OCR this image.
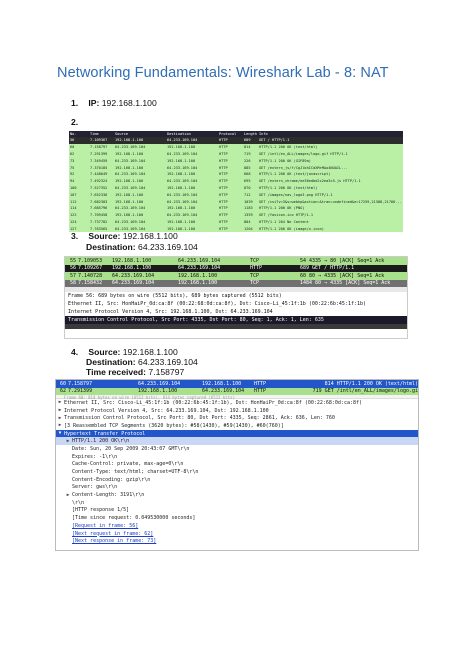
Networking Fundamentals: Wireshark Lab - 8: NAT
1. IP: 192.168.1.100
2.
No.	Time	Source	Destination	Protocol	Length Info
56	7.109367	192.168.1.100	64.233.169.104	HTTP	689	GET / HTTP/1.1
60	7.158797	64.233.169.104	192.168.1.100	HTTP	814	HTTP/1.1 200 OK (text/html)
62	7.291399	192.168.1.100	64.233.169.104	HTTP	719	GET /intl/en_ALL/images/logo.gif HTTP/1.1
73	7.349459	64.233.169.104	192.168.1.100	HTTP	226	HTTP/1.1 200 OK (GIF89a)
75	7.370185	192.168.1.100	64.233.169.104	HTTP	885	GET /extern_js/f/CgJlbhICdXMrMAo4NUAIL...
92	7.448649	64.233.169.104	192.168.1.100	HTTP	668	HTTP/1.1 200 OK (text/javascript)
94	7.492324	192.168.1.100	64.233.169.104	HTTP	695	GET /extern_chrome/ee36edbd2c2ea3c5.js HTTP/1.1
100	7.527352	64.233.169.104	192.168.1.100	HTTP	870	HTTP/1.1 200 OK (text/html)
107	7.652336	192.168.1.100	64.233.169.104	HTTP	712	GET /images/nav_logo3.png HTTP/1.1
112	7.682303	192.168.1.100	64.233.169.104	HTTP	1039	GET /csi?v=3&s=webhp&action=&tran=undefined&e=17259,21588,21766...
114	7.685796	64.233.169.104	192.168.1.100	HTTP	1183	HTTP/1.1 200 OK (PNG)
122	7.709458	192.168.1.100	64.233.169.104	HTTP	1359	GET /favicon.ico HTTP/1.1
124	7.737782	64.233.169.104	192.168.1.100	HTTP	804	HTTP/1.1 204 No Content
127	7.763565	64.233.169.104	192.168.1.100	HTTP	1204	HTTP/1.1 200 OK (image/x-icon)
3. Source: 192.168.1.100
Destination: 64.233.169.104
55 7.109053	192.168.1.100	64.233.169.104	TCP	54 4335 → 80 [ACK] Seq=1 Ack
56 7.109267	192.168.1.100	64.233.169.104	HTTP	689 GET / HTTP/1.1
57 7.140728	64.233.169.104	192.168.1.100	TCP	60 80 → 4335 [ACK] Seq=1 Ack
58 7.158432	64.233.169.104	192.168.1.100	TCP	1484 80 → 4335 [ACK] Seq=1 Ack
Frame 56: 689 bytes on wire (5512 bits), 689 bytes captured (5512 bits)
Ethernet II, Src: HonHaiPr_0d:ca:8f (00:22:68:0d:ca:8f), Dst: Cisco-Li_45:1f:1b (00:22:6b:45:1f:1b)
Internet Protocol Version 4, Src: 192.168.1.100, Dst: 64.233.169.104
Transmission Control Protocol, Src Port: 4335, Dst Port: 80, Seq: 1, Ack: 1, Len: 635
4. Source: 192.168.1.100
Destination: 64.233.169.104
Time received: 7.158797
60 7.158797	64.233.169.104	192.168.1.100	HTTP	814 HTTP/1.1 200 OK (text/html)
62 7.291399	192.168.1.100	64.233.169.104	HTTP	719 GET /intl/en_ALL/images/logo.gi
Frame 60: 814 bytes on wire (6512 bits), 814 bytes captured (6512 bits)
▶ Ethernet II, Src: Cisco-Li_45:1f:1b (00:22:6b:45:1f:1b), Dst: HonHaiPr_0d:ca:8f (00:22:68:0d:ca:8f)
▶ Internet Protocol Version 4, Src: 64.233.169.104, Dst: 192.168.1.100
▶ Transmission Control Protocol, Src Port: 80, Dst Port: 4335, Seq: 2861, Ack: 636, Len: 760
▶ [3 Reassembled TCP Segments (3620 bytes): #58(1430), #59(1430), #60(760)]
▼ Hypertext Transfer Protocol
▶ HTTP/1.1 200 OK\r\n
Date: Sun, 20 Sep 2009 20:43:07 GMT\r\n
Expires: -1\r\n
Cache-Control: private, max-age=0\r\n
Content-Type: text/html; charset=UTF-8\r\n
Content-Encoding: gzip\r\n
Server: gws\r\n
▶ Content-Length: 3191\r\n
\r\n
[HTTP response 1/5]
[Time since request: 0.049530000 seconds]
[Request in frame: 56]
[Next request in frame: 62]
[Next response in frame: 73]
